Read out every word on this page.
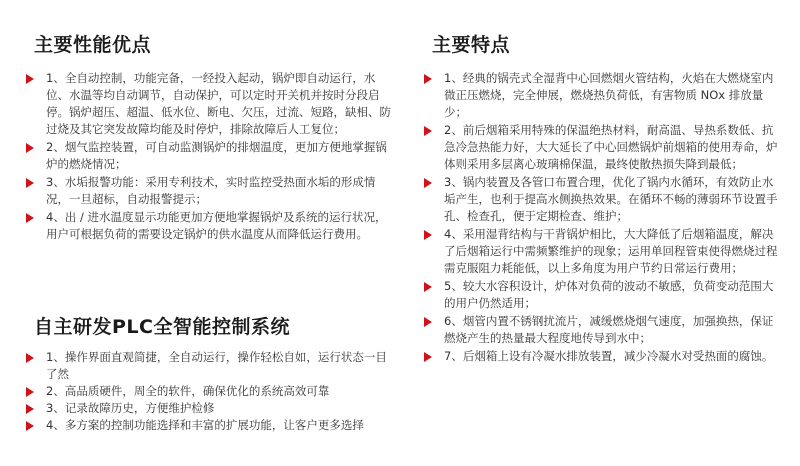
主要性能优点
1、全自动控制，功能完备，一经投入起动，锅炉即自动运行，水位、水温等均自动调节，自动保护，可以定时开关机并按时分段启停。锅炉超压、超温、低水位、断电、欠压，过流、短路，缺相、防过烧及其它突发故障均能及时停炉，排除故障后人工复位；
2、烟气监控装置，可自动监测锅炉的排烟温度，更加方便地掌握锅炉的燃烧情况；
3、水垢报警功能：采用专利技术，实时监控受热面水垢的形成情况，一旦超标，自动报警提示；
4、出 / 进水温度显示功能更加方便地掌握锅炉及系统的运行状况，用户可根据负荷的需要设定锅炉的供水温度从而降低运行费用。
自主研发PLC全智能控制系统
1、操作界面直观简捷，全自动运行，操作轻松自如，运行状态一目了然
2、高品质硬件，周全的软件，确保优化的系统高效可靠
3、记录故障历史，方便维护检修
4、多方案的控制功能选择和丰富的扩展功能，让客户更多选择
主要特点
1、经典的锅壳式全湿背中心回燃烟火管结构，火焰在大燃烧室内微正压燃烧，完全伸展，燃烧热负荷低，有害物质 NOx 排放量少；
2、前后烟箱采用特殊的保温绝热材料，耐高温、导热系数低、抗急冷急热能力好，大大延长了中心回燃锅炉前烟箱的使用寿命，炉体则采用多层离心玻璃棉保温，最终使散热损失降到最低；
3、锅内装置及各管口布置合理，优化了锅内水循环，有效防止水垢产生，也利于提高水侧换热效果。在循环不畅的薄弱环节设置手孔、检查孔，便于定期检查、维护；
4、采用湿背结构与干背锅炉相比，大大降低了后烟箱温度，解决了后烟箱运行中需频繁维护的现象；运用单回程管束使得燃烧过程需克服阻力耗能低，以上多角度为用户节约日常运行费用；
5、较大水容积设计，炉体对负荷的波动不敏感，负荷变动范围大的用户仍然适用；
6、烟管内置不锈钢扰流片，减缓燃烧烟气速度，加强换热，保证燃烧产生的热量最大程度地传导到水中；
7、后烟箱上设有冷凝水排放装置，减少冷凝水对受热面的腐蚀。
